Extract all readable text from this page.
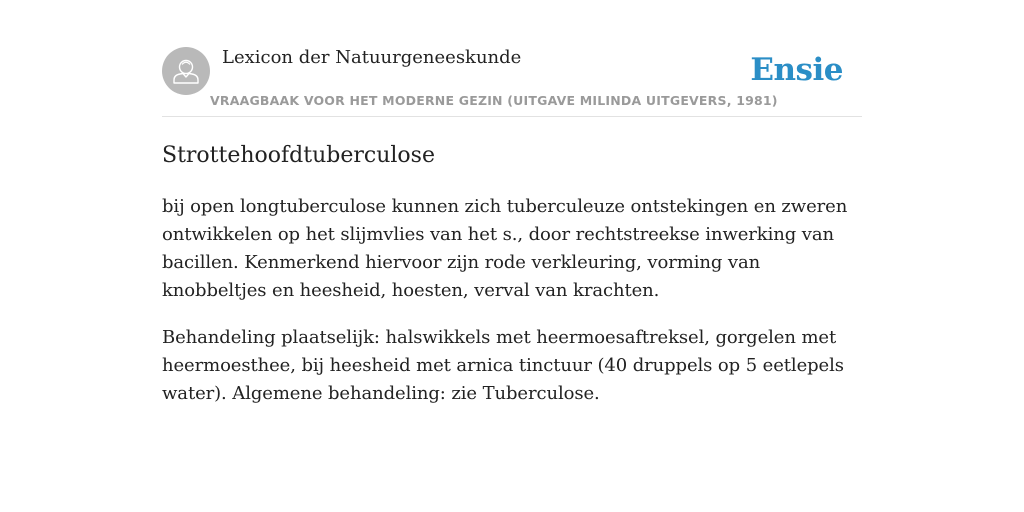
Lexicon der Natuurgeneeskunde
VRAAGBAAK VOOR HET MODERNE GEZIN (UITGAVE MILINDA UITGEVERS, 1981)
Ensie
Strottehoofdtuberculose

bij open longtuberculose kunnen zich tuberculeuze ontstekingen en zweren ontwikkelen op het slijmvlies van het s., door rechtstreekse inwerking van bacillen. Kenmerkend hiervoor zijn rode verkleuring, vorming van knobbeltjes en heesheid, hoesten, verval van krachten.

Behandeling plaatselijk: halswikkels met heermoesaftreksel, gorgelen met heermoesthee, bij heesheid met arnica tinctuur (40 druppels op 5 eetlepels water). Algemene behandeling: zie Tuberculose.
